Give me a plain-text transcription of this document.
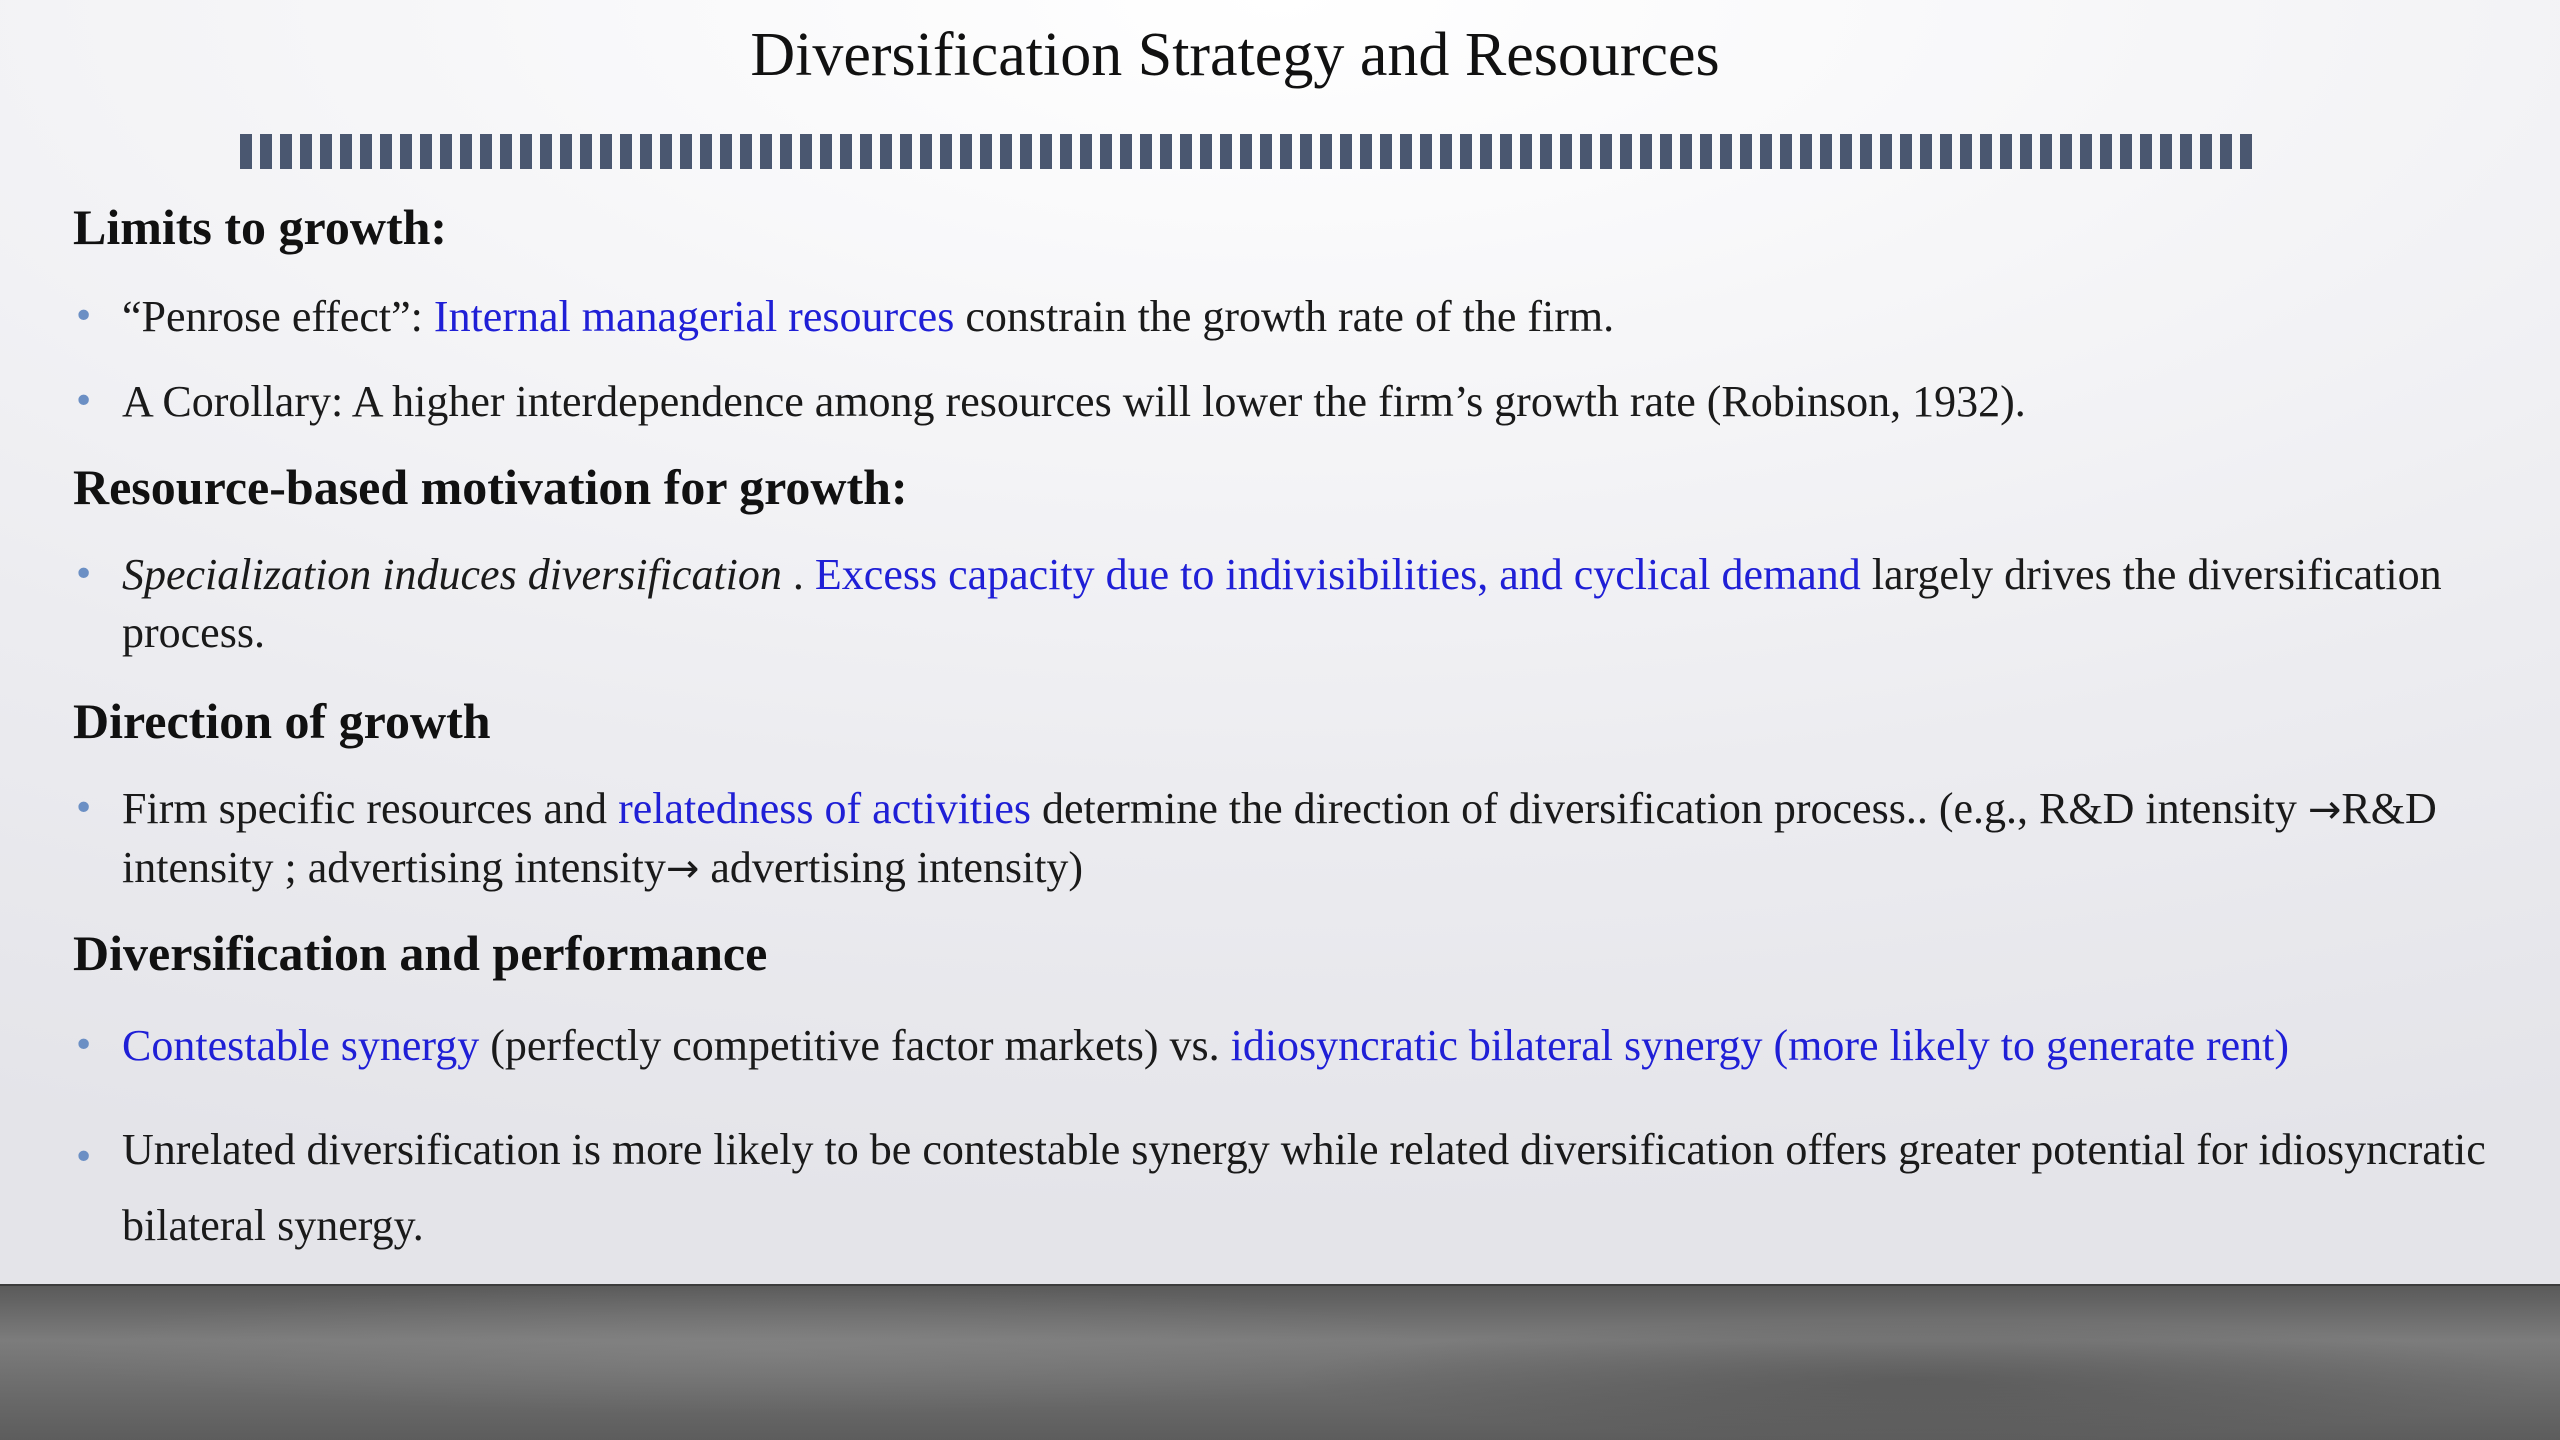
Diversification Strategy and Resources
Limits to growth:
• “Penrose effect”: Internal managerial resources constrain the growth rate of the firm.
• A Corollary: A higher interdependence among resources will lower the firm’s growth rate (Robinson, 1932).
Resource-based motivation for growth:
• Specialization induces diversification . Excess capacity due to indivisibilities, and cyclical demand largely drives the diversification process.
Direction of growth
• Firm specific resources and relatedness of activities determine the direction of diversification process.. (e.g., R&D intensity →R&D intensity ; advertising intensity→ advertising intensity)
Diversification and performance
• Contestable synergy (perfectly competitive factor markets) vs. idiosyncratic bilateral synergy (more likely to generate rent)
• Unrelated diversification is more likely to be contestable synergy while related diversification offers greater potential for idiosyncratic bilateral synergy.
